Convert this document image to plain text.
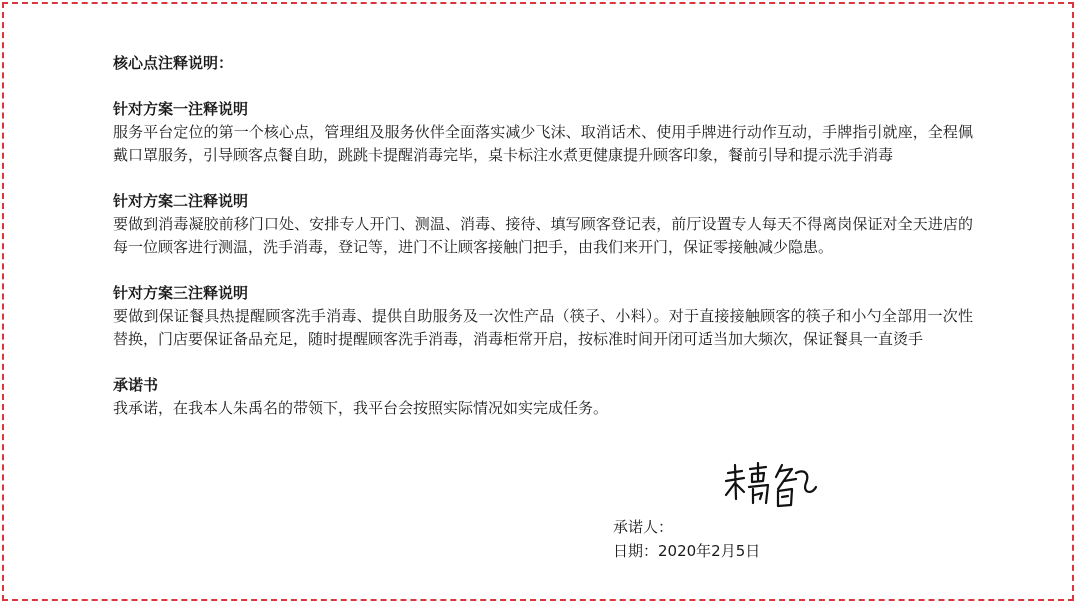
核心点注释说明：

针对方案一注释说明

服务平台定位的第一个核心点，管理组及服务伙伴全面落实减少飞沫、取消话术、使用手牌进行动作互动，手牌指引就座，全程佩戴口罩服务，引导顾客点餐自助，跳跳卡提醒消毒完毕，桌卡标注水煮更健康提升顾客印象，餐前引导和提示洗手消毒

针对方案二注释说明

要做到消毒凝胶前移门口处、安排专人开门、测温、消毒、接待、填写顾客登记表，前厅设置专人每天不得离岗保证对全天进店的每一位顾客进行测温，洗手消毒，登记等，进门不让顾客接触门把手，由我们来开门，保证零接触减少隐患。

针对方案三注释说明

要做到保证餐具热提醒顾客洗手消毒、提供自助服务及一次性产品（筷子、小料）。对于直接接触顾客的筷子和小勺全部用一次性替换，门店要保证备品充足，随时提醒顾客洗手消毒，消毒柜常开启，按标准时间开闭可适当加大频次，保证餐具一直烫手

承诺书

我承诺，在我本人朱禹名的带领下，我平台会按照实际情况如实完成任务。

承诺人：

日期：2020年2月5日
